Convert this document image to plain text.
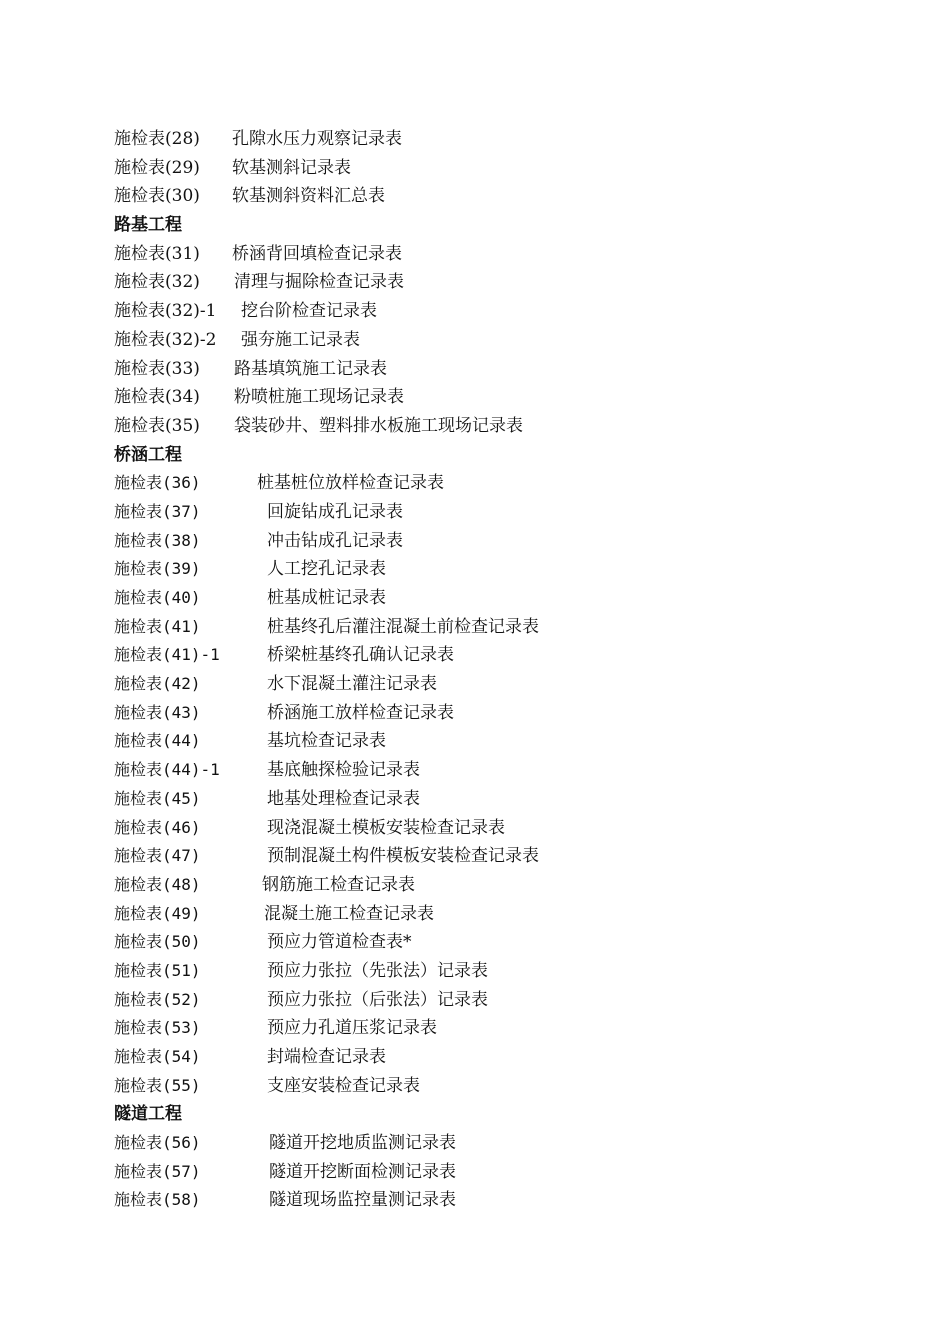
施检表(28) 孔隙水压力观察记录表
施检表(29) 软基测斜记录表
施检表(30) 软基测斜资料汇总表
路基工程
施检表(31) 桥涵背回填检查记录表
施检表(32) 清理与掘除检查记录表
施检表(32)-1 挖台阶检查记录表
施检表(32)-2 强夯施工记录表
施检表(33) 路基填筑施工记录表
施检表(34) 粉喷桩施工现场记录表
施检表(35) 袋装砂井、塑料排水板施工现场记录表
桥涵工程
施检表(36)	桩基桩位放样检查记录表
施检表(37)	回旋钻成孔记录表
施检表(38)	冲击钻成孔记录表
施检表(39)	人工挖孔记录表
施检表(40)	桩基成桩记录表
施检表(41)	桩基终孔后灌注混凝土前检查记录表
施检表(41)-1	桥梁桩基终孔确认记录表
施检表(42)	水下混凝土灌注记录表
施检表(43)	桥涵施工放样检查记录表
施检表(44)	基坑检查记录表
施检表(44)-1	基底触探检验记录表
施检表(45)	地基处理检查记录表
施检表(46)	现浇混凝土模板安装检查记录表
施检表(47)	预制混凝土构件模板安装检查记录表
施检表(48)	钢筋施工检查记录表
施检表(49)	混凝土施工检查记录表
施检表(50)	预应力管道检查表*
施检表(51)	预应力张拉（先张法）记录表
施检表(52)	预应力张拉（后张法）记录表
施检表(53)	预应力孔道压浆记录表
施检表(54)	封端检查记录表
施检表(55)	支座安装检查记录表
隧道工程
施检表(56)	隧道开挖地质监测记录表
施检表(57)	隧道开挖断面检测记录表
施检表(58)	隧道现场监控量测记录表
